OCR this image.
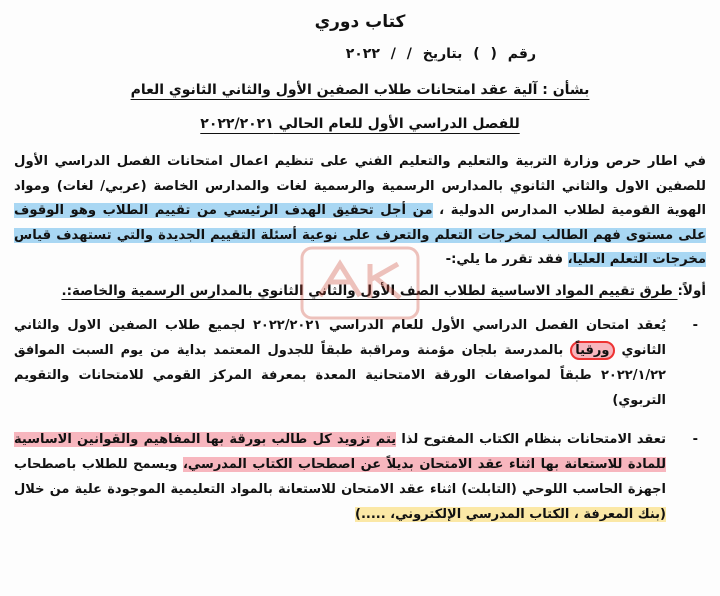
كتاب دوري
رقم ( ) بتاريخ / / ٢٠٢٢
بشأن : آلية عقد امتحانات طلاب الصفين الأول والثاني الثانوي العام
للفصل الدراسي الأول للعام الحالي ٢٠٢٢/٢٠٢١
في اطار حرص وزارة التربية والتعليم والتعليم الفني على تنظيم اعمال امتحانات الفصل الدراسي الأول للصفين الاول والثاني الثانوي بالمدارس الرسمية والرسمية لغات والمدارس الخاصة (عربي/ لغات) ومواد الهوية القومية لطلاب المدارس الدولية ، من أجل تحقيق الهدف الرئيسي من تقييم الطلاب وهو الوقوف على مستوى فهم الطالب لمخرجات التعلم والتعرف على نوعية أسئلة التقييم الجديدة والتي تستهدف قياس مخرجات التعلم العليا، فقد تقرر ما يلي:-
أولاً: طرق تقييم المواد الاساسية لطلاب الصف الأول والثاني الثانوي بالمدارس الرسمية والخاصة:.
-
يُعقد امتحان الفصل الدراسي الأول للعام الدراسي ٢٠٢٢/٢٠٢١ لجميع طلاب الصفين الاول والثاني الثانوي ورقياً بالمدرسة بلجان مؤمنة ومراقبة طبقاً للجدول المعتمد بداية من يوم السبت الموافق ٢٠٢٢/١/٢٢ طبقاً لمواصفات الورقة الامتحانية المعدة بمعرفة المركز القومي للامتحانات والتقويم التربوي)
-
تعقد الامتحانات بنظام الكتاب المفتوح لذا يتم تزويد كل طالب بورقة بها المفاهيم والقوانين الاساسية للمادة للاستعانة بها اثناء عقد الامتحان بديلاً عن اصطحاب الكتاب المدرسي، ويسمح للطلاب باصطحاب اجهزة الحاسب اللوحي (التابلت) اثناء عقد الامتحان للاستعانة بالمواد التعليمية الموجودة علية من خلال (بنك المعرفة ، الكتاب المدرسي الإلكتروني، .....)
